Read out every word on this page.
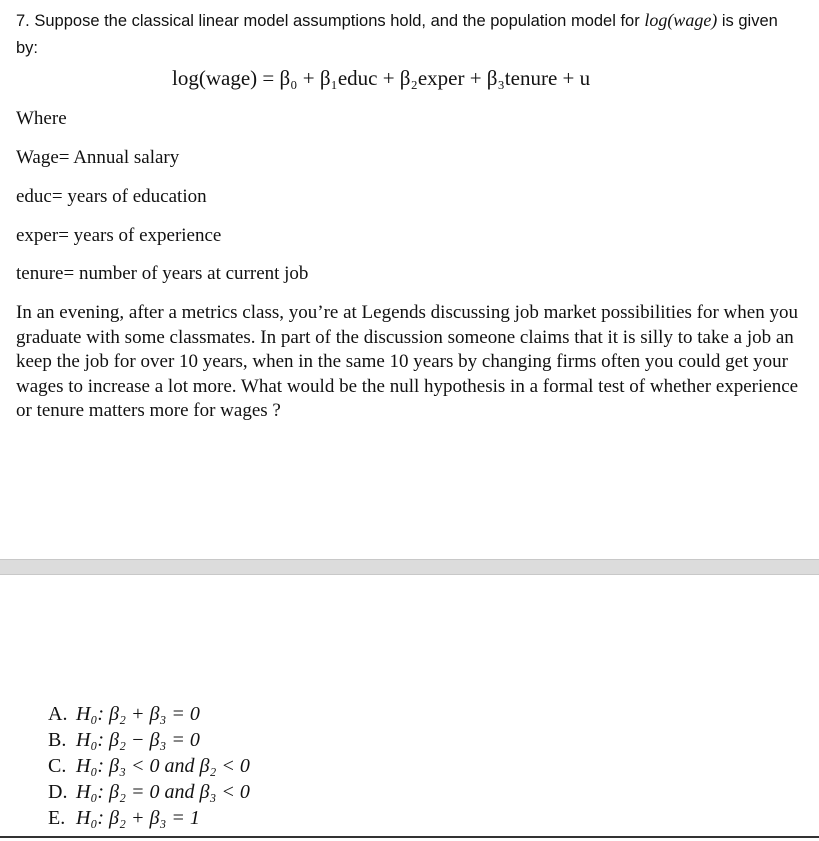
7. Suppose the classical linear model assumptions hold, and the population model for log(wage) is given by:
log(wage) = β₀ + β₁educ + β₂exper + β₃tenure + u
Where
Wage= Annual salary
educ= years of education
exper= years of experience
tenure= number of years at current job
In an evening, after a metrics class, you’re at Legends discussing job market possibilities for when you graduate with some classmates. In part of the discussion someone claims that it is silly to take a job an keep the job for over 10 years, when in the same 10 years by changing firms often you could get your wages to increase a lot more. What would be the null hypothesis in a formal test of whether experience or tenure matters more for wages ?
A. H₀: β₂ + β₃ = 0
B. H₀: β₂ − β₃ = 0
C. H₀: β₃ < 0 and β₂ < 0
D. H₀: β₂ = 0 and β₃ < 0
E. H₀: β₂ + β₃ = 1
